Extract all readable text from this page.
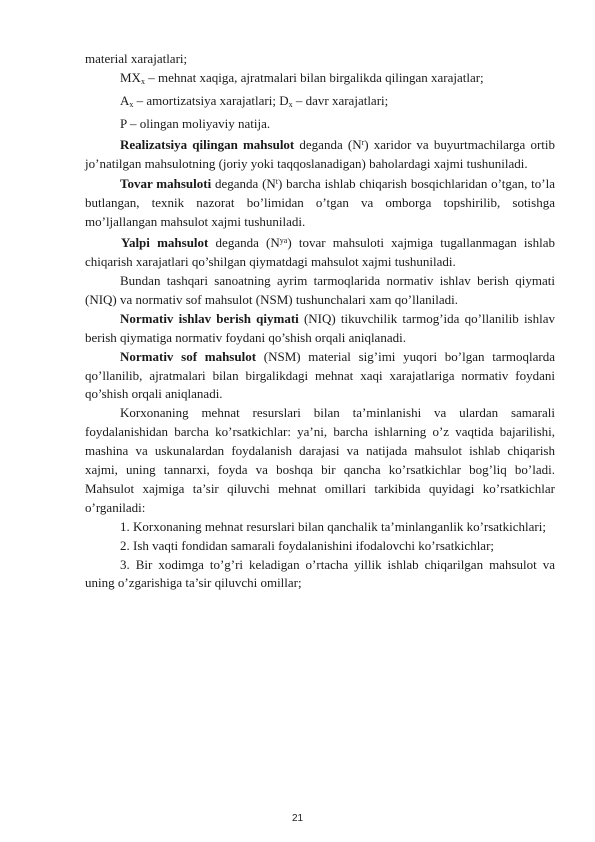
material xarajatlari;

$MX_x$ – mehnat xaqiga, ajratmalari bilan birgalikda qilingan xarajatlar;

$A_x$ – amortizatsiya xarajatlari; $D_x$ – davr xarajatlari;

P – olingan moliyaviy natija.

Realizatsiya qilingan mahsulot deganda $(N^r)$ xaridor va buyurtmachilarga ortib jo’natilgan mahsulotning (joriy yoki taqqoslanadigan) baholardagi xajmi tushuniladi.

Tovar mahsuloti deganda $(N^t)$ barcha ishlab chiqarish bosqichlaridan o’tgan, to’la butlangan, texnik nazorat bo’limidan o’tgan va omborga topshirilib, sotishga mo’ljallangan mahsulot xajmi tushuniladi.

Yalpi mahsulot deganda $(N^{ya})$ tovar mahsuloti xajmiga tugallanmagan ishlab chiqarish xarajatlari qo’shilgan qiymatdagi mahsulot xajmi tushuniladi.

Bundan tashqari sanoatning ayrim tarmoqlarida normativ ishlav berish qiymati (NIQ) va normativ sof mahsulot (NSM) tushunchalari xam qo’llaniladi.

Normativ ishlav berish qiymati (NIQ) tikuvchilik tarmog’ida qo’llanilib ishlav berish qiymatiga normativ foydani qo’shish orqali aniqlanadi.

Normativ sof mahsulot (NSM) material sig’imi yuqori bo’lgan tarmoqlarda qo’llanilib, ajratmalari bilan birgalikdagi mehnat xaqi xarajatlariga normativ foydani qo’shish orqali aniqlanadi.

Korxonaning mehnat resurslari bilan ta’minlanishi va ulardan samarali foydalanishidan barcha ko’rsatkichlar: ya’ni, barcha ishlarning o’z vaqtida bajarilishi, mashina va uskunalardan foydalanish darajasi va natijada mahsulot ishlab chiqarish xajmi, uning tannarxi, foyda va boshqa bir qancha ko’rsatkichlar bog’liq bo’ladi. Mahsulot xajmiga ta’sir qiluvchi mehnat omillari tarkibida quyidagi ko’rsatkichlar o’rganiladi:

1. Korxonaning mehnat resurslari bilan qanchalik ta’minlanganlik ko’rsatkichlari;

2. Ish vaqti fondidan samarali foydalanishini ifodalovchi ko’rsatkichlar;

3. Bir xodimga to’g’ri keladigan o’rtacha yillik ishlab chiqarilgan mahsulot va uning o’zgarishiga ta’sir qiluvchi omillar;

21
